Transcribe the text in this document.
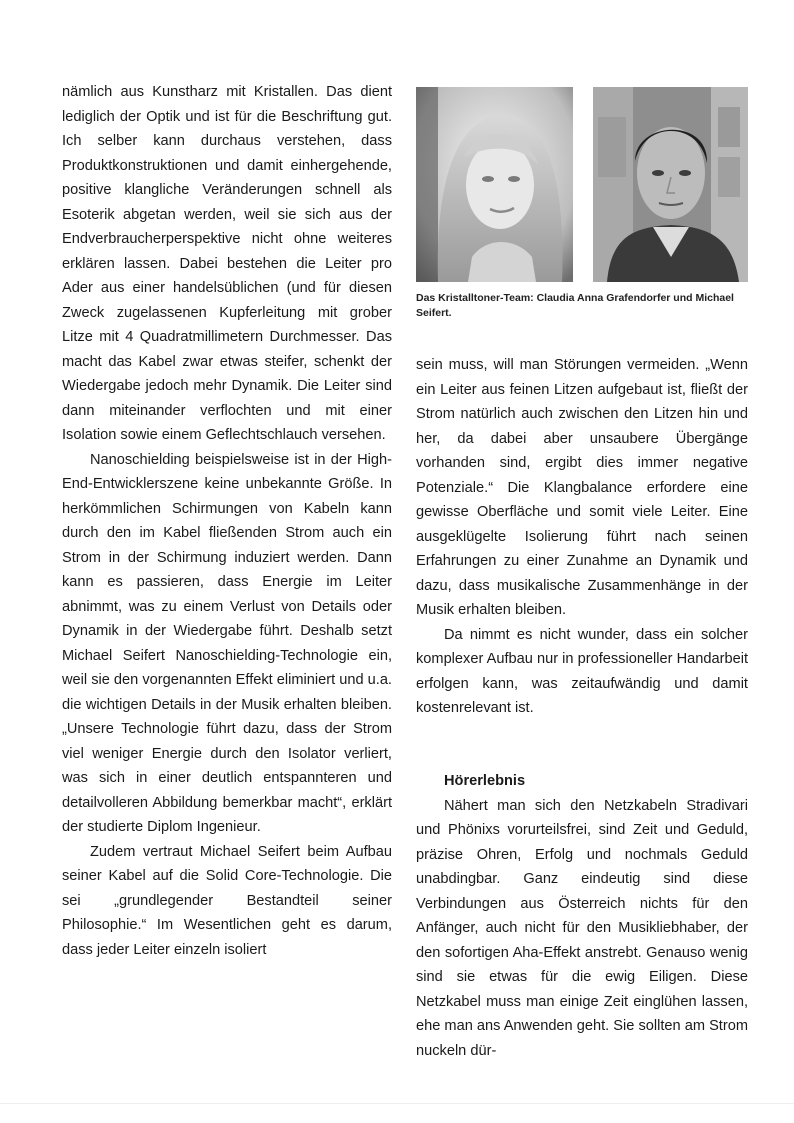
nämlich aus Kunstharz mit Kristallen. Das dient lediglich der Optik und ist für die Beschriftung gut. Ich selber kann durchaus verstehen, dass Produktkonstruktionen und damit einhergehende, positive klangliche Veränderungen schnell als Esoterik abgetan werden, weil sie sich aus der Endverbraucherperspektive nicht ohne weiteres erklären lassen. Dabei bestehen die Leiter pro Ader aus einer handelsüblichen (und für diesen Zweck zugelassenen Kupferleitung mit grober Litze mit 4 Quadratmillimetern Durchmesser. Das macht das Kabel zwar etwas steifer, schenkt der Wiedergabe jedoch mehr Dynamik. Die Leiter sind dann miteinander verflochten und mit einer Isolation sowie einem Geflechtschlauch versehen.

Nanoschielding beispielsweise ist in der High-End-Entwicklerszene keine unbekannte Größe. In herkömmlichen Schirmungen von Kabeln kann durch den im Kabel fließenden Strom auch ein Strom in der Schirmung induziert werden. Dann kann es passieren, dass Energie im Leiter abnimmt, was zu einem Verlust von Details oder Dynamik in der Wiedergabe führt. Deshalb setzt Michael Seifert Nanoschielding-Technologie ein, weil sie den vorgenannten Effekt eliminiert und u.a. die wichtigen Details in der Musik erhalten bleiben. „Unsere Technologie führt dazu, dass der Strom viel weniger Energie durch den Isolator verliert, was sich in einer deutlich entspannteren und detailvolleren Abbildung bemerkbar macht“, erklärt der studierte Diplom Ingenieur.

Zudem vertraut Michael Seifert beim Aufbau seiner Kabel auf die Solid Core-Technologie. Die sei „grundlegender Bestandteil seiner Philosophie.“ Im Wesentlichen geht es darum, dass jeder Leiter einzeln isoliert

Das Kristalltoner-Team: Claudia Anna Grafendorfer und Michael Seifert.

sein muss, will man Störungen vermeiden. „Wenn ein Leiter aus feinen Litzen aufgebaut ist, fließt der Strom natürlich auch zwischen den Litzen hin und her, da dabei aber unsaubere Übergänge vorhanden sind, ergibt dies immer negative Potenziale.“ Die Klangbalance erfordere eine gewisse Oberfläche und somit viele Leiter. Eine ausgeklügelte Isolierung führt nach seinen Erfahrungen zu einer Zunahme an Dynamik und dazu, dass musikalische Zusammenhänge in der Musik erhalten bleiben.

Da nimmt es nicht wunder, dass ein solcher komplexer Aufbau nur in professioneller Handarbeit erfolgen kann, was zeitaufwändig und damit kostenrelevant ist.

Hörerlebnis

Nähert man sich den Netzkabeln Stradivari und Phönixs vorurteilsfrei, sind Zeit und Geduld, präzise Ohren, Erfolg und nochmals Geduld unabdingbar. Ganz eindeutig sind diese Verbindungen aus Österreich nichts für den Anfänger, auch nicht für den Musikliebhaber, der den sofortigen Aha-Effekt anstrebt. Genauso wenig sind sie etwas für die ewig Eiligen. Diese Netzkabel muss man einige Zeit einglühen lassen, ehe man ans Anwenden geht. Sie sollten am Strom nuckeln dür-
